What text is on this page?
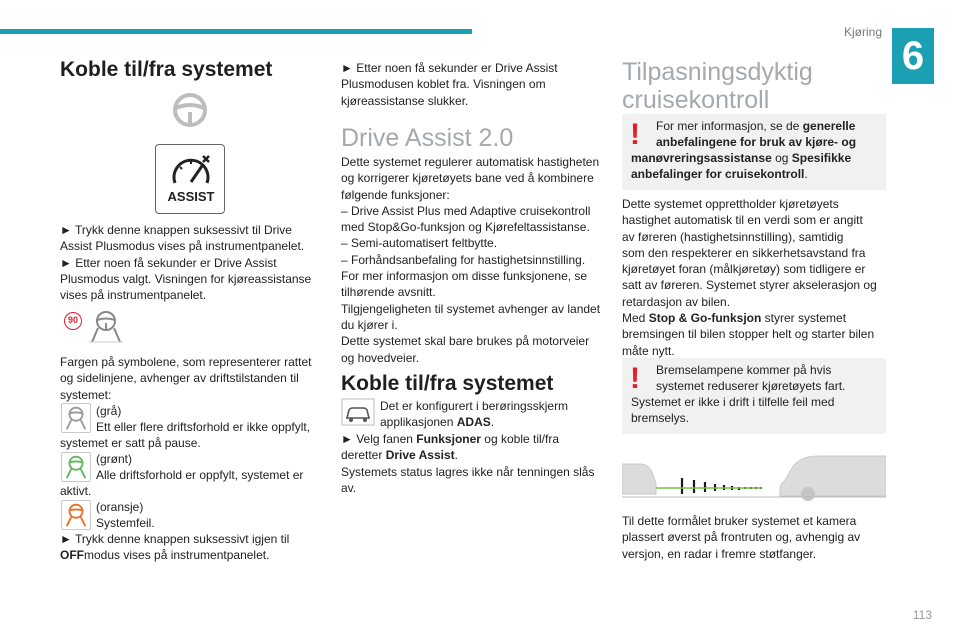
Kjøring
6
113
Koble til/fra systemet
ASSIST
► Trykk denne knappen suksessivt til Drive
Assist Plusmodus vises på instrumentpanelet.
► Etter noen få sekunder er Drive Assist
Plusmodus valgt. Visningen for kjøreassistanse
vises på instrumentpanelet.
90
Fargen på symbolene, som representerer rattet
og sidelinjene, avhenger av driftstilstanden til
systemet:
(grå)
Ett eller flere driftsforhold er ikke oppfylt,
systemet er satt på pause.
(grønt)
Alle driftsforhold er oppfylt, systemet er
aktivt.
(oransje)
Systemfeil.
► Trykk denne knappen suksessivt igjen til
OFFmodus vises på instrumentpanelet.
► Etter noen få sekunder er Drive Assist
Plusmodusen koblet fra. Visningen om
kjøreassistanse slukker.
Drive Assist 2.0
Dette systemet regulerer automatisk hastigheten
og korrigerer kjøretøyets bane ved å kombinere
følgende funksjoner:
– Drive Assist Plus med Adaptive cruisekontroll
med Stop&Go-funksjon og Kjørefeltassistanse.
– Semi-automatisert feltbytte.
– Forhåndsanbefaling for hastighetsinnstilling.
For mer informasjon om disse funksjonene, se
tilhørende avsnitt.
Tilgjengeligheten til systemet avhenger av landet
du kjører i.
Dette systemet skal bare brukes på motorveier
og hovedveier.
Koble til/fra systemet
Det er konfigurert i berøringsskjerm
applikasjonen ADAS.
► Velg fanen Funksjoner og koble til/fra
deretter Drive Assist.
Systemets status lagres ikke når tenningen slås
av.
Tilpasningsdyktig
cruisekontroll
! For mer informasjon, se de generelle
anbefalingene for bruk av kjøre- og
manøvreringsassistanse og Spesifikke
anbefalinger for cruisekontroll.
Dette systemet opprettholder kjøretøyets
hastighet automatisk til en verdi som er angitt
av føreren (hastighetsinnstilling), samtidig
som den respekterer en sikkerhetsavstand fra
kjøretøyet foran (målkjøretøy) som tidligere er
satt av føreren. Systemet styrer akselerasjon og
retardasjon av bilen.
Med Stop & Go-funksjon styrer systemet
bremsingen til bilen stopper helt og starter bilen
måte nytt.
! Bremselampene kommer på hvis
systemet reduserer kjøretøyets fart.
Systemet er ikke i drift i tilfelle feil med
bremselys.
Til dette formålet bruker systemet et kamera
plassert øverst på frontruten og, avhengig av
versjon, en radar i fremre støtfanger.
